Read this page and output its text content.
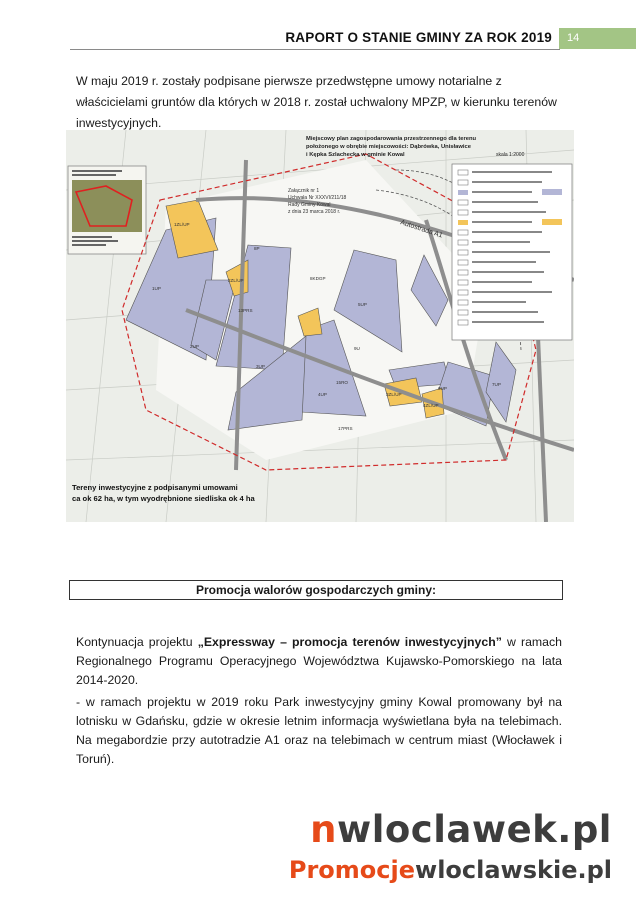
RAPORT O STANIE GMINY ZA ROK 2019	14
W maju 2019 r. zostały podpisane pierwsze przedwstępne umowy notarialne z właścicielami gruntów dla których w 2018 r. został uchwalony MPZP, w kierunku terenów inwestycyjnych.
Miejscowy plan zagospodarowania przestrzennego dla terenu
położonego w obrębie miejscowości: Dąbrówka, Unisławice
i Kępka Szlachecka w gminie Kowal	skala 1:2000
Załącznik nr 1
Uchwała Nr XXXVI/211/18
Rady Gminy Kowal
z dnia 23 marca 2018 r.
Autostrada A1
1UP
2UP
3UP
4UP
5UP
6UP
7UP
8KDGP
9U
8P
13PRS
15RO
17PRS
1ZL/UP
2ZL/UP
3ZL/UP
4ZL/UP
Tereny inwestycyjne z podpisanymi umowami
ca ok 62 ha, w tym wyodrębnione siedliska ok 4 ha
Promocja walorów gospodarczych gminy:
Kontynuacja projektu „Expressway – promocja terenów inwestycyjnych” w ramach Regionalnego Programu Operacyjnego Województwa Kujawsko-Pomorskiego na lata 2014-2020.
- w ramach projektu w 2019 roku Park inwestycyjny gminy Kowal promowany był na lotnisku w Gdańsku, gdzie w okresie letnim informacja wyświetlana była na telebimach. Na megabordzie przy autotradzie A1 oraz na telebimach w centrum miast (Włocławek i Toruń).
nwloclawek.pl
Promocjewloclawskie.pl
